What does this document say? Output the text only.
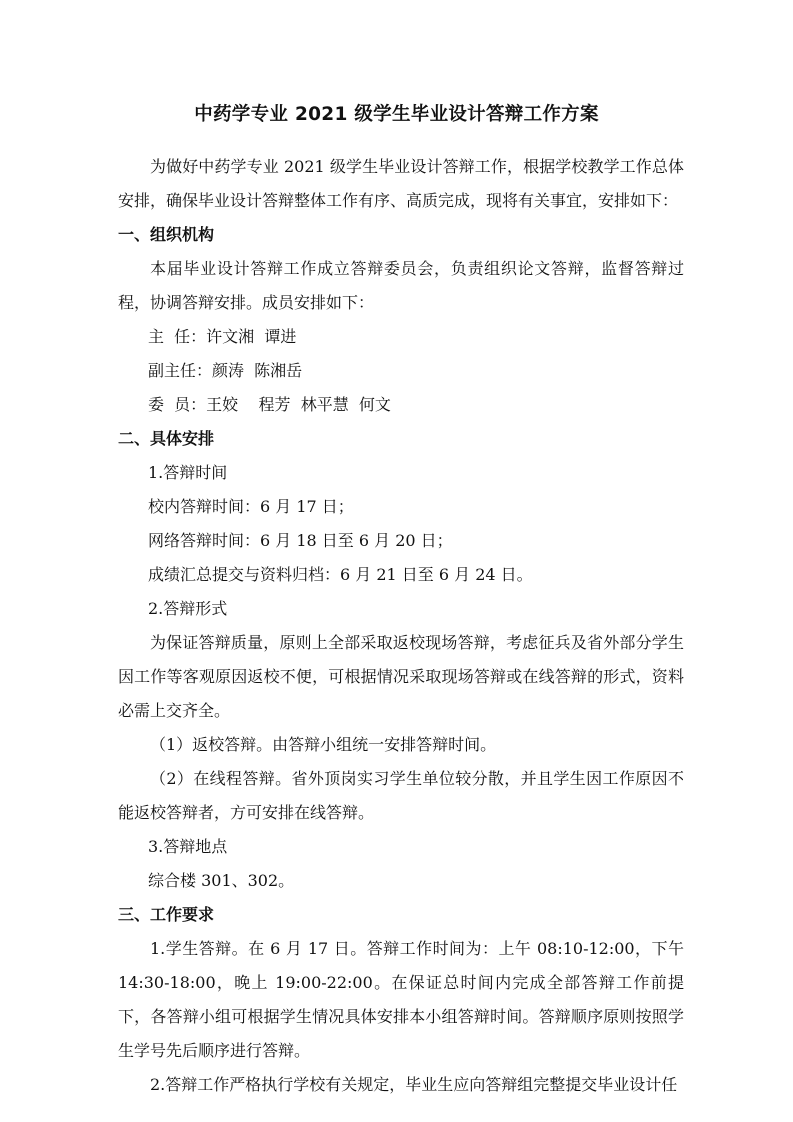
中药学专业 2021 级学生毕业设计答辩工作方案

为做好中药学专业 2021 级学生毕业设计答辩工作，根据学校教学工作总体安排，确保毕业设计答辩整体工作有序、高质完成，现将有关事宜，安排如下：

一、组织机构

本届毕业设计答辩工作成立答辩委员会，负责组织论文答辩，监督答辩过程，协调答辩安排。成员安排如下：

主  任：许文湘  谭进

副主任：颜涛  陈湘岳

委  员：王姣    程芳  林平慧  何文

二、具体安排

1.答辩时间

校内答辩时间：6 月 17 日；

网络答辩时间：6 月 18 日至 6 月 20 日；

成绩汇总提交与资料归档：6 月 21 日至 6 月 24 日。

2.答辩形式

为保证答辩质量，原则上全部采取返校现场答辩，考虑征兵及省外部分学生因工作等客观原因返校不便，可根据情况采取现场答辩或在线答辩的形式，资料必需上交齐全。

（1）返校答辩。由答辩小组统一安排答辩时间。

（2）在线程答辩。省外顶岗实习学生单位较分散，并且学生因工作原因不能返校答辩者，方可安排在线答辩。

3.答辩地点

综合楼 301、302。

三、工作要求

1.学生答辩。在 6 月 17 日。答辩工作时间为：上午 08:10-12:00，下午 14:30-18:00，晚上 19:00-22:00。在保证总时间内完成全部答辩工作前提下，各答辩小组可根据学生情况具体安排本小组答辩时间。答辩顺序原则按照学生学号先后顺序进行答辩。

2.答辩工作严格执行学校有关规定，毕业生应向答辩组完整提交毕业设计任
